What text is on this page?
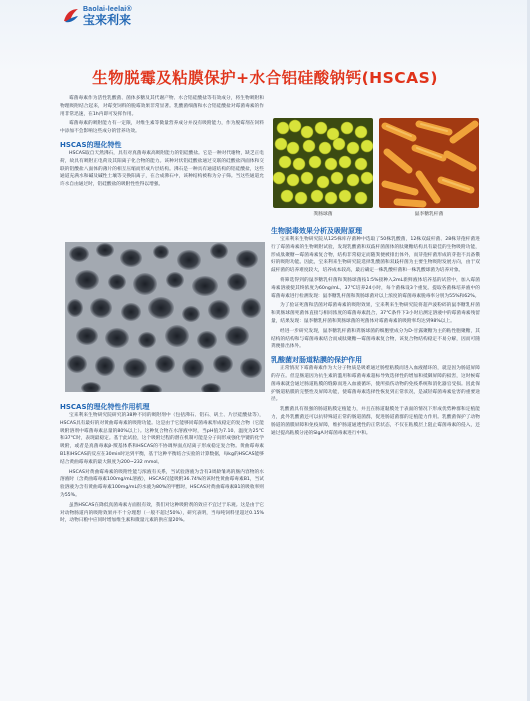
Baolai-leelai®
宝来利来
生物脱霉及粘膜保护+水合铝硅酸钠钙(HSCAS)

霉菌毒素作为活性乳酸菌、菌体多糖及其代谢产物、水合铝硅酸盐等有效成分，将生物吸附和物理吸附结合起来，对霉变饲料的脱霉效果非常显著。乳酸菌细菌和水合铝硅酸盐对霉菌毒素的作用非常迅速，在1h内即可发挥作用。

霉菌毒素的吸附能力有一定限，对维生素等微量营养成分并没有吸附能力，作为脱霉剂在饲料中添加不会影响这些成分的营养功效。

HSCAS的理化特性

HSCAS取自天然沸石，具有对真菌毒素高吸附能力的铝硅酸盐。它是一种对代谢物，缺乏正电荷，故具有吸附正电荷及其阳离子化合物的能力。该种对状铝硅酸盐通过交联的硅酸盐四面体和交联的铝酸盐八面体的薄片的相互压缩而形成片层结构。沸石是一种具有通道结构的铝硅酸盐，这些通道充满水和碱及碱性土壤等交换阳离子，在合成沸石中，该种结构被称为分子筛。当这些通道允许水自由通过时，铝硅酸盐的吸附性性得以增强。

HSCAS的理化特性作用机理

宝来利来生物研究院研究的38种不同的吸附剂中（包括沸石、铝石、矾土、片层硅酸盐等），HSCAS具有最好的对黄曲霉毒素的吸附功能。这是由于它能够同霉菌毒素形成稳定的复合物（它能吸附溶剂中霉菌毒素总量的80%以上）。这种复合物在水溶液中时，当pH值为7.10、温度为25℃和37℃时，表现最稳定。基于此试验，这个吸附过程的潜在机制可能是分子间形成强化学键的化学吸附，或者是真菌毒素β-羰基体系和HSCAS的不协调界面点结离子形成稳定复合物。黄曲霉毒素B1和HSCAS的反应在30min时达到平衡，基于这种平衡结合实验的计算数据，每kg的HSCAS能够结合黄曲霉毒素的最大限度为200~232 mmol。

HSCAS对黄曲霉毒素的吸附性能与浓液有关系，当试验溶液为含有3周龄雏鸡的肠内容物的水溶液时（含黄曲霉毒素100mg/mL溶液），HSCAS仅能吸附36.74%的该时性黄曲霉毒素B1，当试验溶液为含有黄曲霉毒素100mg/mL的水液为80%的甲醇时，HSCAS对黄曲霉毒素B1的吸收率则为55%。

虽然HSCAS在降低真菌毒素方面很有效，我们对这种吸附剂的效应不宜过于乐观。这是由于它对动物肠道内的吸附效果并不十分理想（一般不超过50%），研究表明，当每吨饲料里超过0.15%时，动物日粮中应同时增加维生素和微量元素的供应量20%。

粪肠球菌	鼠李糖乳杆菌
生物脱毒效果分析及吸附原理

宝来利来生物研究院从125株库存菌种中选取了50株乳酸菌，12株双歧杆菌、28株芽孢杆菌进行了霉菌毒素的生物吸附试验，发现乳酸菌和双歧杆菌菌体的肽聚糖结构具有最佳的生物吸附功能，形成肽聚糖—霉菌毒素复合物，结构非常稳定而随粪便被排出体外，而芽孢杆菌形成的芽孢不具备俄好的吸附功能。因此，宝来利来生物研究院选择乳酸菌和双歧杆菌为主要生物吸附发展方向，由于双歧杆菌的培养难度较大，培养成本较高，最后确定一株乳酸杆菌和一株乳酸球菌为培养对象。

将筛选得到的鼠李糖乳杆菌和粪肠球菌按1:5%接种入2mL新鲜液体培养基的试管中，加入霉菌毒素溶液使其终浓度为60ng/mL，37℃培养24小时，每个菌株设3个重复。提取各菌株培养液中的霉菌毒素进行检测发现：鼠李糖乳杆菌和粪肠球菌对以上浓度的霉菌毒素脱毒率分别为55%和62%。

为了验证死菌和活菌对霉菌毒素的吸附效果，宝来利来生物研究院将超声波粉碎的鼠李糖乳杆菌和粪肠球菌死菌体直接与相同浓度的霉菌毒素混合，37℃条件下3小时后测定溶液中的霉菌毒素残留量，结果发现：鼠李糖乳杆菌和粪肠球菌的死菌体对霉菌毒素的吸附率均达到98%以上。

经进一步研究发现，鼠李糖乳杆菌和粪肠球菌的细胞壁成分为D-甘露聚糖为主的粘性胞聚糖，其结构的结构和与霉菌毒素结合而成肽聚糖—霉菌毒素复合物，该复合物结构稳定不易分解，因而可随粪便排出体外。

乳酸菌对肠道粘膜的保护作用

正常情况下霉菌毒素作为大分子物质是吸难通过肠壁粘膜而进入血液循环的，就是因为肠道屏障的存在。但是肠道因为抗生素的滥用和霉菌毒素超标导致选择性的增加和抵御屏障的损害，这时候霉菌毒素就会通过肠道粘膜的缝隙而进入血液循环，使所损伤动物的免疫系统和消化器官受损。因此保护肠道粘膜的完整性及屏障功能，使霉菌毒素选择性恢复到正常状况，是减轻霉菌毒素危害的重要途径。

乳酸菌具有很强的肠道粘膜定植能力，并且在肠道黏膜处于表面的情况下形成优势种群和定植能力，此外乳酸菌还可以抗特殊道正常的肠道菌群，促进肠道菌群的定植能力作用。乳酸菌保护了动物肠道的菌膜屏障和免疫屏障，维护肠道通透性的正常状态，不仅在粘膜层上阻止霉菌毒素的侵入，还通过提高粘膜分泌的SIgA对霉菌毒素进行中和。
